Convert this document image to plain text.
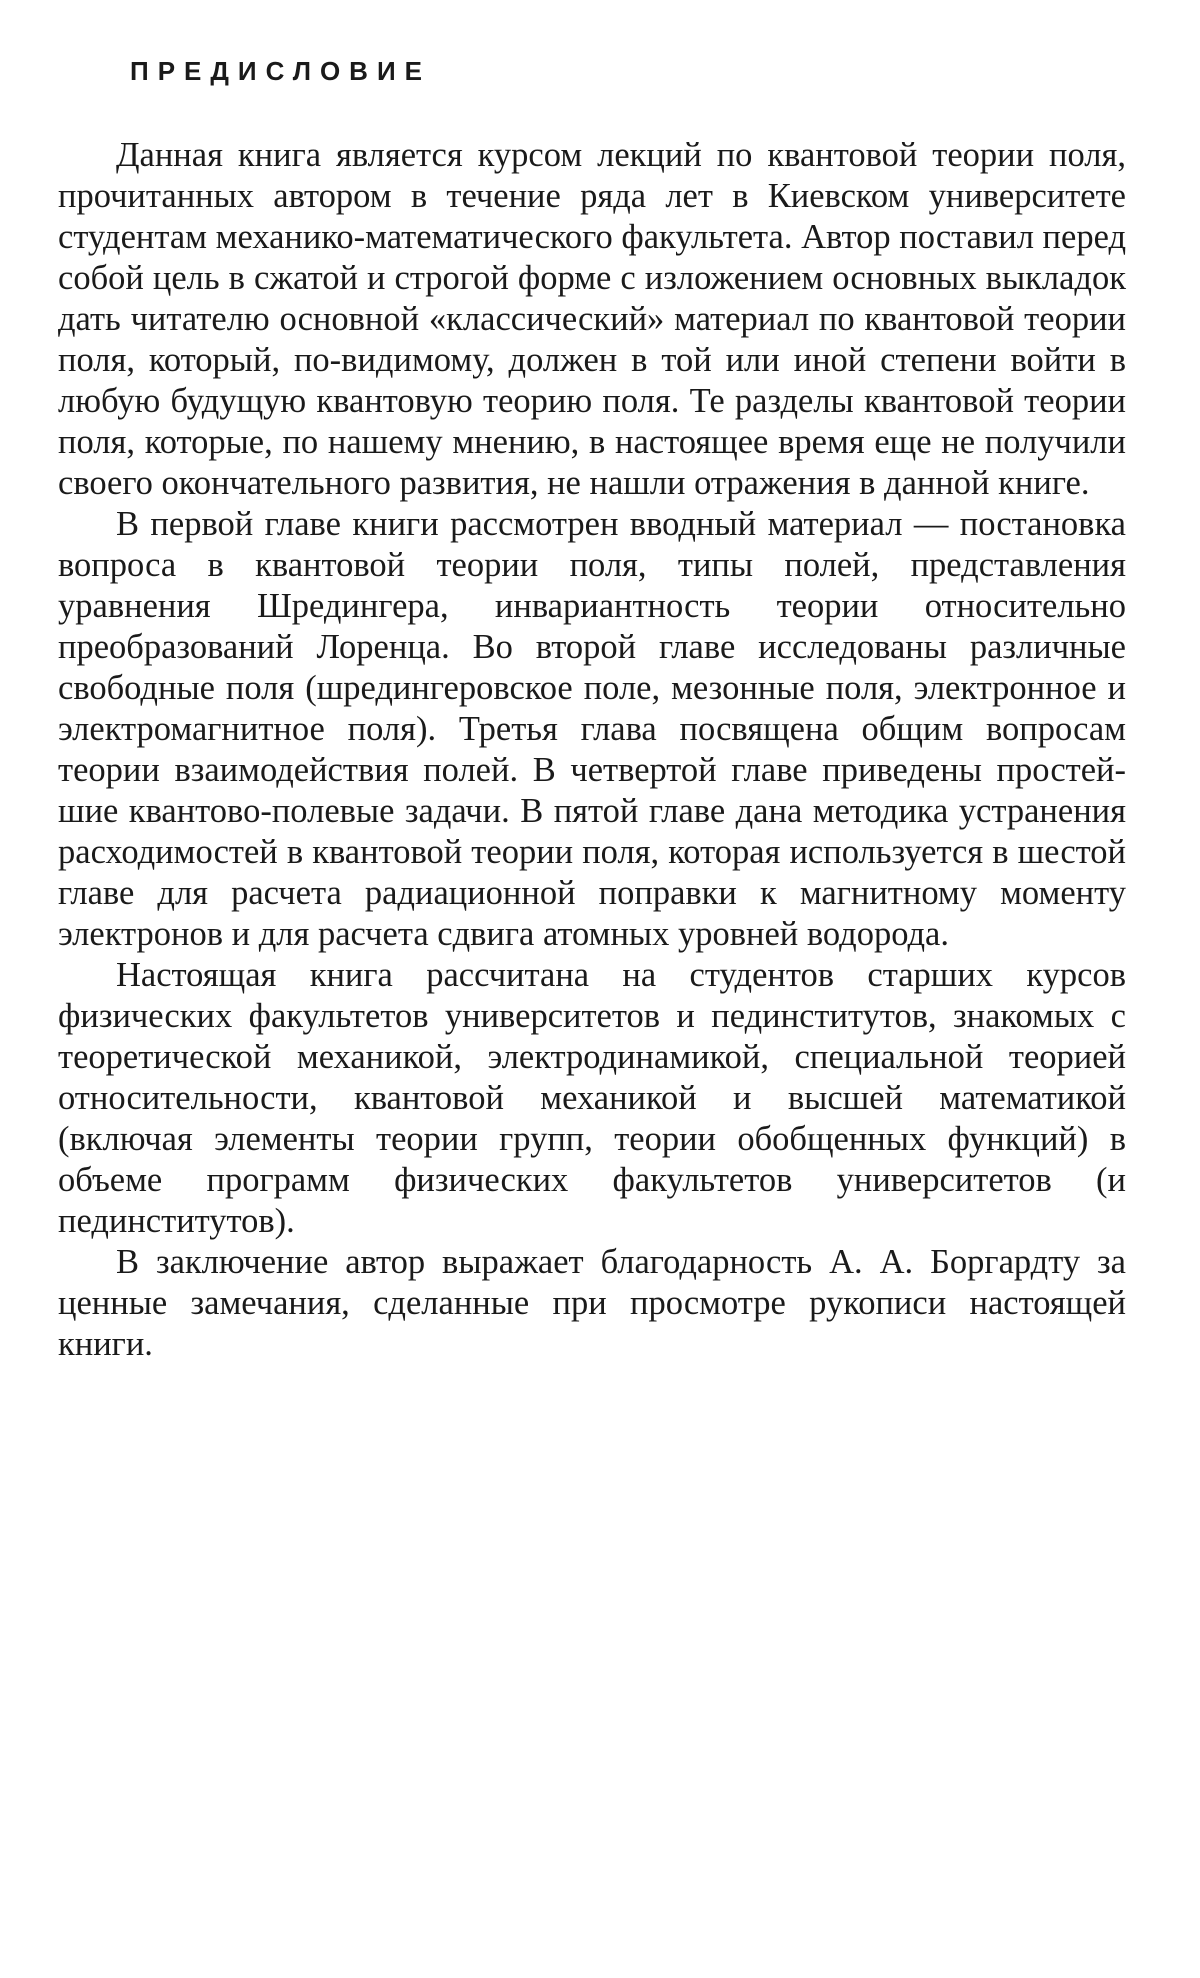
ПРЕДИСЛОВИЕ

Данная книга является курсом лекций по квантовой теории поля, прочитанных автором в течение ряда лет в Киевском университете студентам механико-математического факультета. Автор поставил перед собой цель в сжатой и строгой форме с изложением основных выкладок дать читателю основной «классический» материал по квантовой теории поля, который, по-видимому, должен в той или иной степени войти в любую будущую квантовую теорию поля. Те разделы квантовой теории поля, которые, по нашему мнению, в настоящее время еще не получили своего окончательного развития, не нашли отражения в данной книге.

В первой главе книги рассмотрен вводный материал — постановка вопроса в квантовой теории поля, типы полей, представления уравнения Шредингера, инвариантность теории относительно преобразований Лоренца. Во второй главе исследованы различные свободные поля (шредингеровское поле, мезонные поля, электронное и электромагнитное поля). Третья глава посвящена общим вопросам теории взаимодействия полей. В четвертой главе приведены простейшие квантово-полевые задачи. В пятой главе дана методика устранения расходимостей в квантовой теории поля, которая используется в шестой главе для расчета радиационной поправки к магнитному моменту электронов и для расчета сдвига атомных уровней водорода.

Настоящая книга рассчитана на студентов старших курсов физических факультетов университетов и пединститутов, знакомых с теоретической механикой, электродинамикой, специальной теорией относительности, квантовой механикой и высшей математикой (включая элементы теории групп, теории обобщенных функций) в объеме программ физических факультетов университетов (и пединститутов).

В заключение автор выражает благодарность А. А. Боргардту за ценные замечания, сделанные при просмотре рукописи настоящей книги.
